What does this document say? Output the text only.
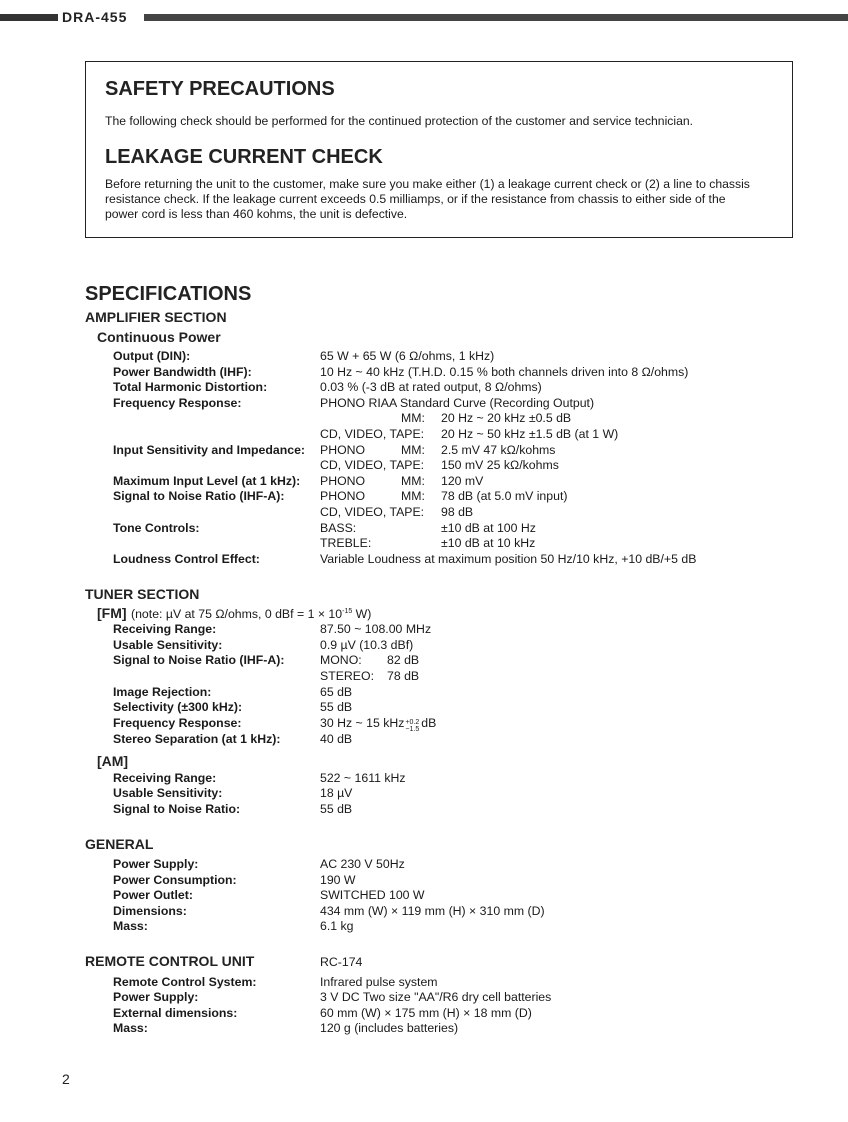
DRA-455
SAFETY PRECAUTIONS
The following check should be performed for the continued protection of the customer and service technician.
LEAKAGE CURRENT CHECK
Before returning the unit to the customer, make sure you make either (1) a leakage current check or (2) a line to chassis
resistance check. If the leakage current exceeds 0.5 milliamps, or if the resistance from chassis to either side of the
power cord is less than 460 kohms, the unit is defective.
SPECIFICATIONS
AMPLIFIER SECTION
Continuous Power
Output (DIN):	65 W + 65 W (6 Ω/ohms, 1 kHz)
Power Bandwidth (IHF):	10 Hz ~ 40 kHz (T.H.D. 0.15 % both channels driven into 8 Ω/ohms)
Total Harmonic Distortion:	0.03 % (-3 dB at rated output, 8 Ω/ohms)
Frequency Response:	PHONO RIAA Standard Curve (Recording Output)
MM: 20 Hz ~ 20 kHz ±0.5 dB
CD, VIDEO, TAPE: 20 Hz ~ 50 kHz ±1.5 dB (at 1 W)
Input Sensitivity and Impedance: PHONO	MM: 2.5 mV 47 kΩ/kohms
CD, VIDEO, TAPE: 150 mV 25 kΩ/kohms
Maximum Input Level (at 1 kHz): PHONO	MM: 120 mV
Signal to Noise Ratio (IHF-A):	PHONO	MM: 78 dB (at 5.0 mV input)
CD, VIDEO, TAPE: 98 dB
Tone Controls:	BASS:	±10 dB at 100 Hz
TREBLE:	±10 dB at 10 kHz
Loudness Control Effect:	Variable Loudness at maximum position 50 Hz/10 kHz, +10 dB/+5 dB
TUNER SECTION
[FM] (note: µV at 75 Ω/ohms, 0 dBf = $1 \times 10^{-15}$ W)
Receiving Range:	87.50 ~ 108.00 MHz
Usable Sensitivity:	0.9 µV (10.3 dBf)
Signal to Noise Ratio (IHF-A):	MONO: 82 dB
STEREO: 78 dB
Image Rejection:	65 dB
Selectivity (±300 kHz):	55 dB
Frequency Response:	30 Hz ~ 15 kHz+0.2
−1.5 dB
Stereo Separation (at 1 kHz):	40 dB
[AM]
Receiving Range:	522 ~ 1611 kHz
Usable Sensitivity:	18 µV
Signal to Noise Ratio:	55 dB
GENERAL
Power Supply:	AC 230 V 50Hz
Power Consumption:	190 W
Power Outlet:	SWITCHED 100 W
Dimensions:	434 mm (W) × 119 mm (H) × 310 mm (D)
Mass:	6.1 kg
REMOTE CONTROL UNIT	RC-174
Remote Control System:	Infrared pulse system
Power Supply:	3 V DC Two size "AA"/R6 dry cell batteries
External dimensions:	60 mm (W) × 175 mm (H) × 18 mm (D)
Mass:	120 g (includes batteries)
2
